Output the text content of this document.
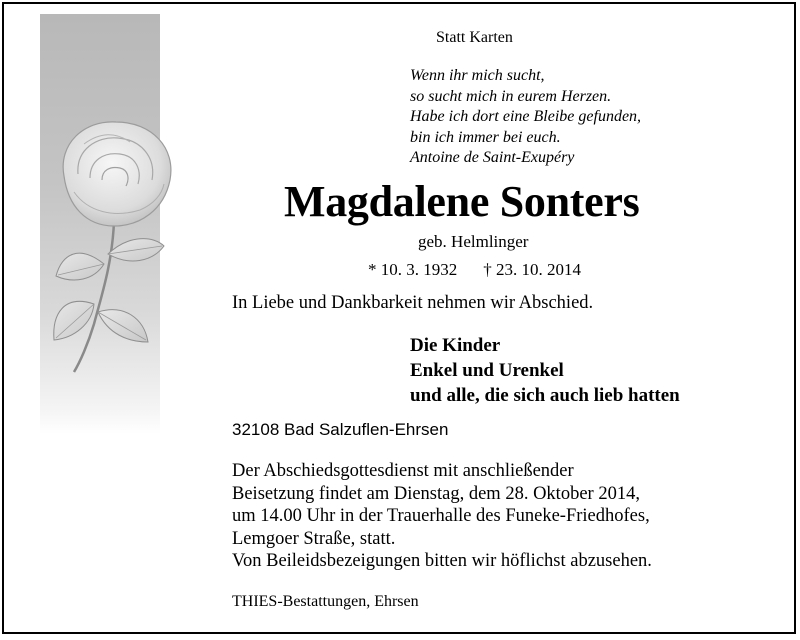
Statt Karten
Wenn ihr mich sucht,
so sucht mich in eurem Herzen.
Habe ich dort eine Bleibe gefunden,
bin ich immer bei euch.
Antoine de Saint-Exupéry
Magdalene Sonters
geb. Helmlinger
* 10. 3. 1932 † 23. 10. 2014
In Liebe und Dankbarkeit nehmen wir Abschied.
Die Kinder
Enkel und Urenkel
und alle, die sich auch lieb hatten
32108 Bad Salzuflen-Ehrsen
Der Abschiedsgottesdienst mit anschließender
Beisetzung findet am Dienstag, dem 28. Oktober 2014,
um 14.00 Uhr in der Trauerhalle des Funeke-Friedhofes,
Lemgoer Straße, statt.
Von Beileidsbezeigungen bitten wir höflichst abzusehen.
THIES-Bestattungen, Ehrsen
